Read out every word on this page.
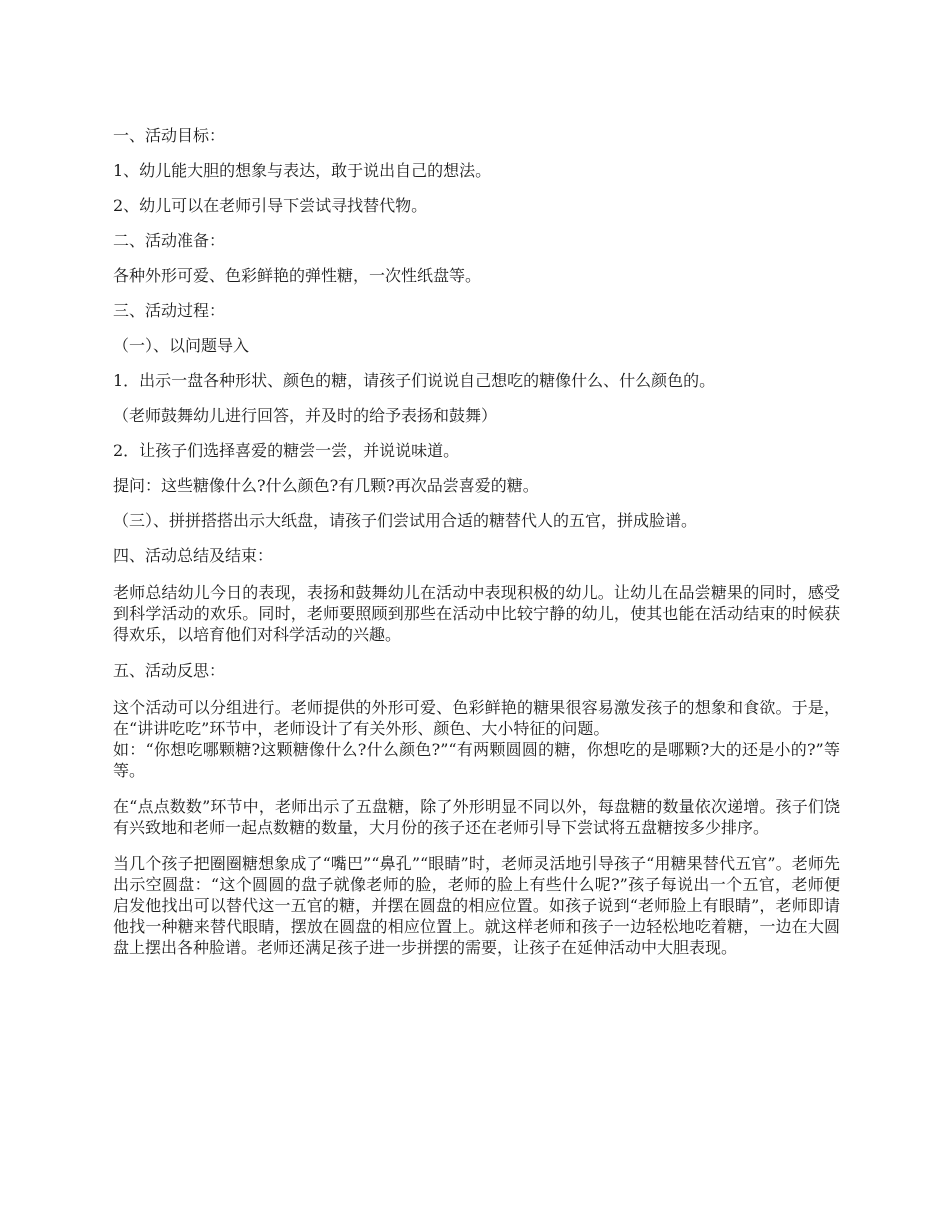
一、活动目标：
1、幼儿能大胆的想象与表达，敢于说出自己的想法。
2、幼儿可以在老师引导下尝试寻找替代物。
二、活动准备：
各种外形可爱、色彩鲜艳的弹性糖，一次性纸盘等。
三、活动过程：
（一）、以问题导入
1．出示一盘各种形状、颜色的糖，请孩子们说说自己想吃的糖像什么、什么颜色的。
（老师鼓舞幼儿进行回答，并及时的给予表扬和鼓舞）
2．让孩子们选择喜爱的糖尝一尝，并说说味道。
提问：这些糖像什么?什么颜色?有几颗?再次品尝喜爱的糖。
（三）、拼拼搭搭出示大纸盘，请孩子们尝试用合适的糖替代人的五官，拼成脸谱。
四、活动总结及结束：
老师总结幼儿今日的表现，表扬和鼓舞幼儿在活动中表现积极的幼儿。让幼儿在品尝糖果的同时，感受到科学活动的欢乐。同时，老师要照顾到那些在活动中比较宁静的幼儿，使其也能在活动结束的时候获得欢乐，以培育他们对科学活动的兴趣。
五、活动反思：
这个活动可以分组进行。老师提供的外形可爱、色彩鲜艳的糖果很容易激发孩子的想象和食欲。于是，在“讲讲吃吃”环节中，老师设计了有关外形、颜色、大小特征的问题。
如：“你想吃哪颗糖?这颗糖像什么?什么颜色?”“有两颗圆圆的糖，你想吃的是哪颗?大的还是小的?”等等。
在“点点数数”环节中，老师出示了五盘糖，除了外形明显不同以外，每盘糖的数量依次递增。孩子们饶有兴致地和老师一起点数糖的数量，大月份的孩子还在老师引导下尝试将五盘糖按多少排序。
当几个孩子把圈圈糖想象成了“嘴巴”“鼻孔”“眼睛”时，老师灵活地引导孩子“用糖果替代五官”。老师先出示空圆盘：“这个圆圆的盘子就像老师的脸，老师的脸上有些什么呢?”孩子每说出一个五官，老师便启发他找出可以替代这一五官的糖，并摆在圆盘的相应位置。如孩子说到“老师脸上有眼睛”，老师即请他找一种糖来替代眼睛，摆放在圆盘的相应位置上。就这样老师和孩子一边轻松地吃着糖，一边在大圆盘上摆出各种脸谱。老师还满足孩子进一步拼摆的需要，让孩子在延伸活动中大胆表现。
